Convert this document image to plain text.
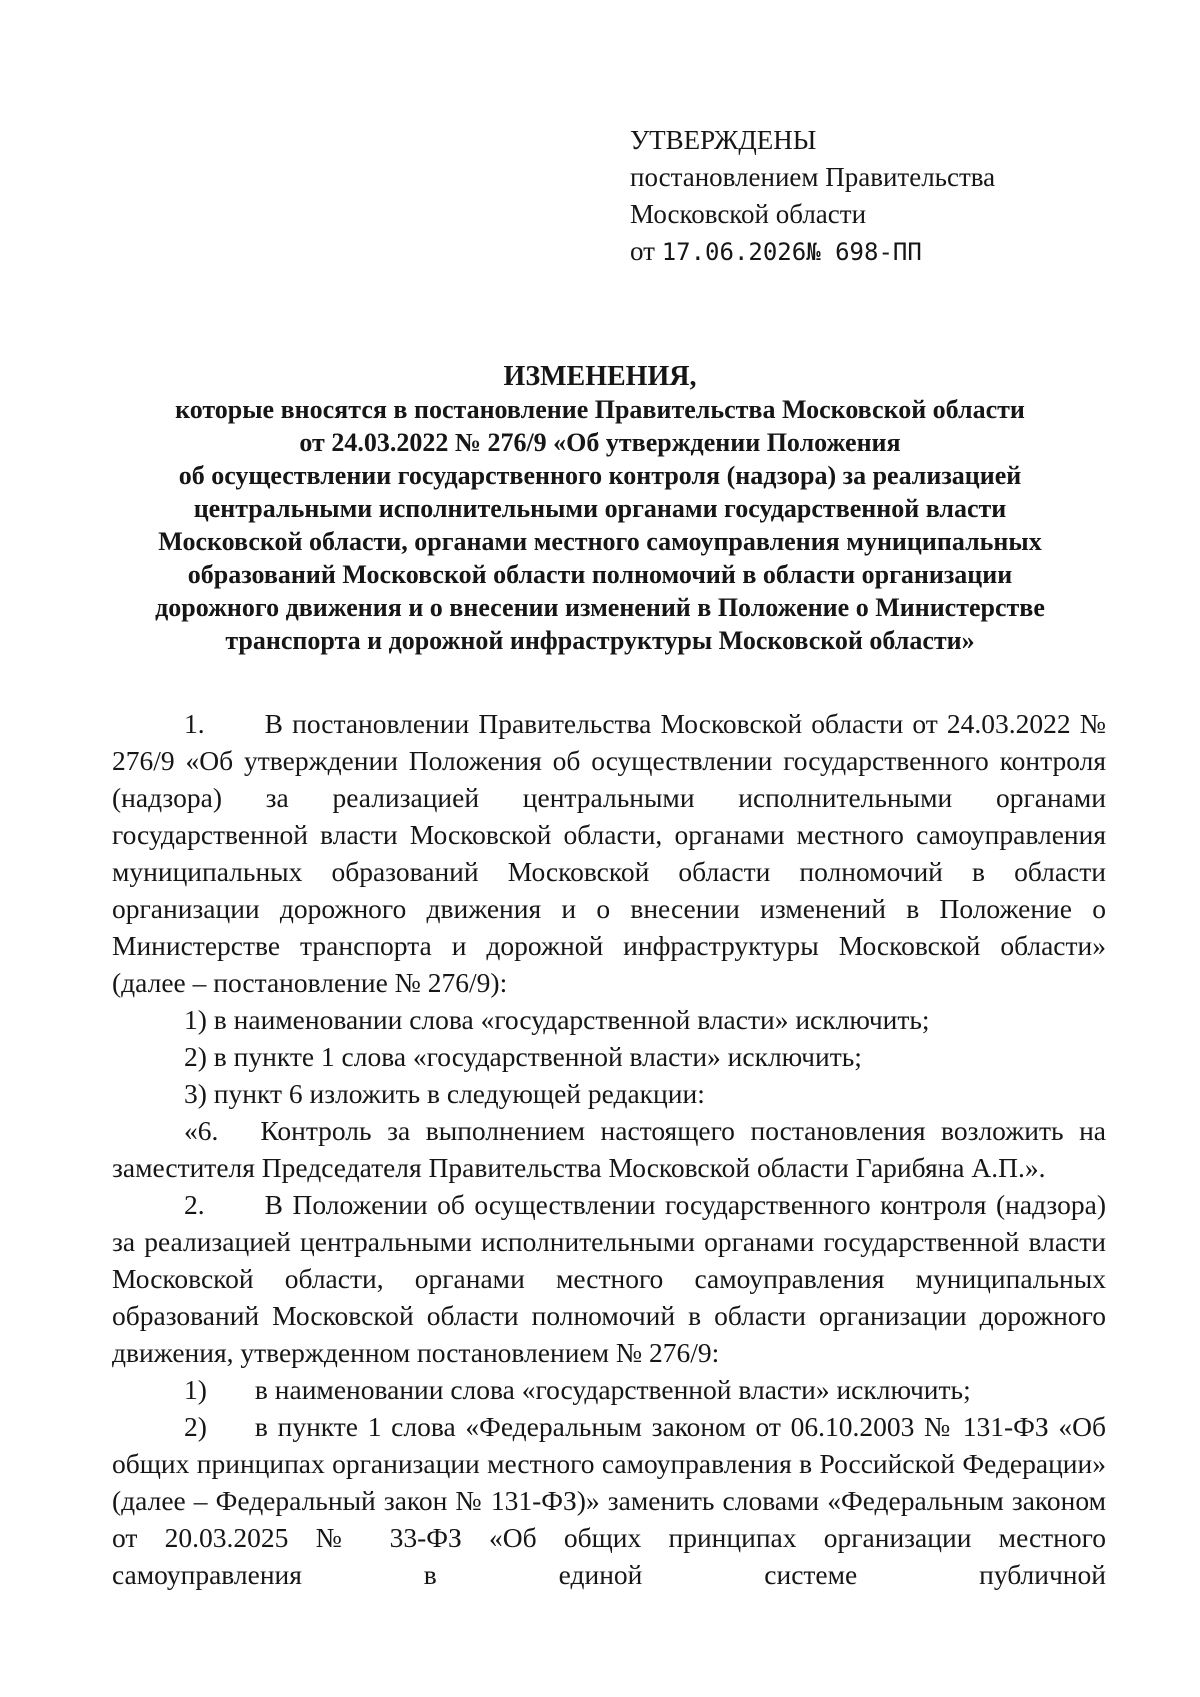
УТВЕРЖДЕНЫ
постановлением Правительства
Московской области
от 17.06.2026№ 698-ПП
ИЗМЕНЕНИЯ,
которые вносятся в постановление Правительства Московской области
от 24.03.2022 № 276/9 «Об утверждении Положения
об осуществлении государственного контроля (надзора) за реализацией
центральными исполнительными органами государственной власти
Московской области, органами местного самоуправления муниципальных
образований Московской области полномочий в области организации
дорожного движения и о внесении изменений в Положение о Министерстве
транспорта и дорожной инфраструктуры Московской области»

1. В постановлении Правительства Московской области от 24.03.2022 № 276/9 «Об утверждении Положения об осуществлении государственного контроля (надзора) за реализацией центральными исполнительными органами государственной власти Московской области, органами местного самоуправления муниципальных образований Московской области полномочий в области организации дорожного движения и о внесении изменений в Положение о Министерстве транспорта и дорожной инфраструктуры Московской области» (далее – постановление № 276/9):

1) в наименовании слова «государственной власти» исключить;

2) в пункте 1 слова «государственной власти» исключить;

3) пункт 6 изложить в следующей редакции:

«6. Контроль за выполнением настоящего постановления возложить на заместителя Председателя Правительства Московской области Гарибяна А.П.».

2. В Положении об осуществлении государственного контроля (надзора) за реализацией центральными исполнительными органами государственной власти Московской области, органами местного самоуправления муниципальных образований Московской области полномочий в области организации дорожного движения, утвержденном постановлением № 276/9:

1) в наименовании слова «государственной власти» исключить;

2) в пункте 1 слова «Федеральным законом от 06.10.2003 № 131-ФЗ «Об общих принципах организации местного самоуправления в Российской Федерации» (далее – Федеральный закон № 131-ФЗ)» заменить словами «Федеральным законом от 20.03.2025 № 33-ФЗ «Об общих принципах организации местного самоуправления в единой системе публичной
